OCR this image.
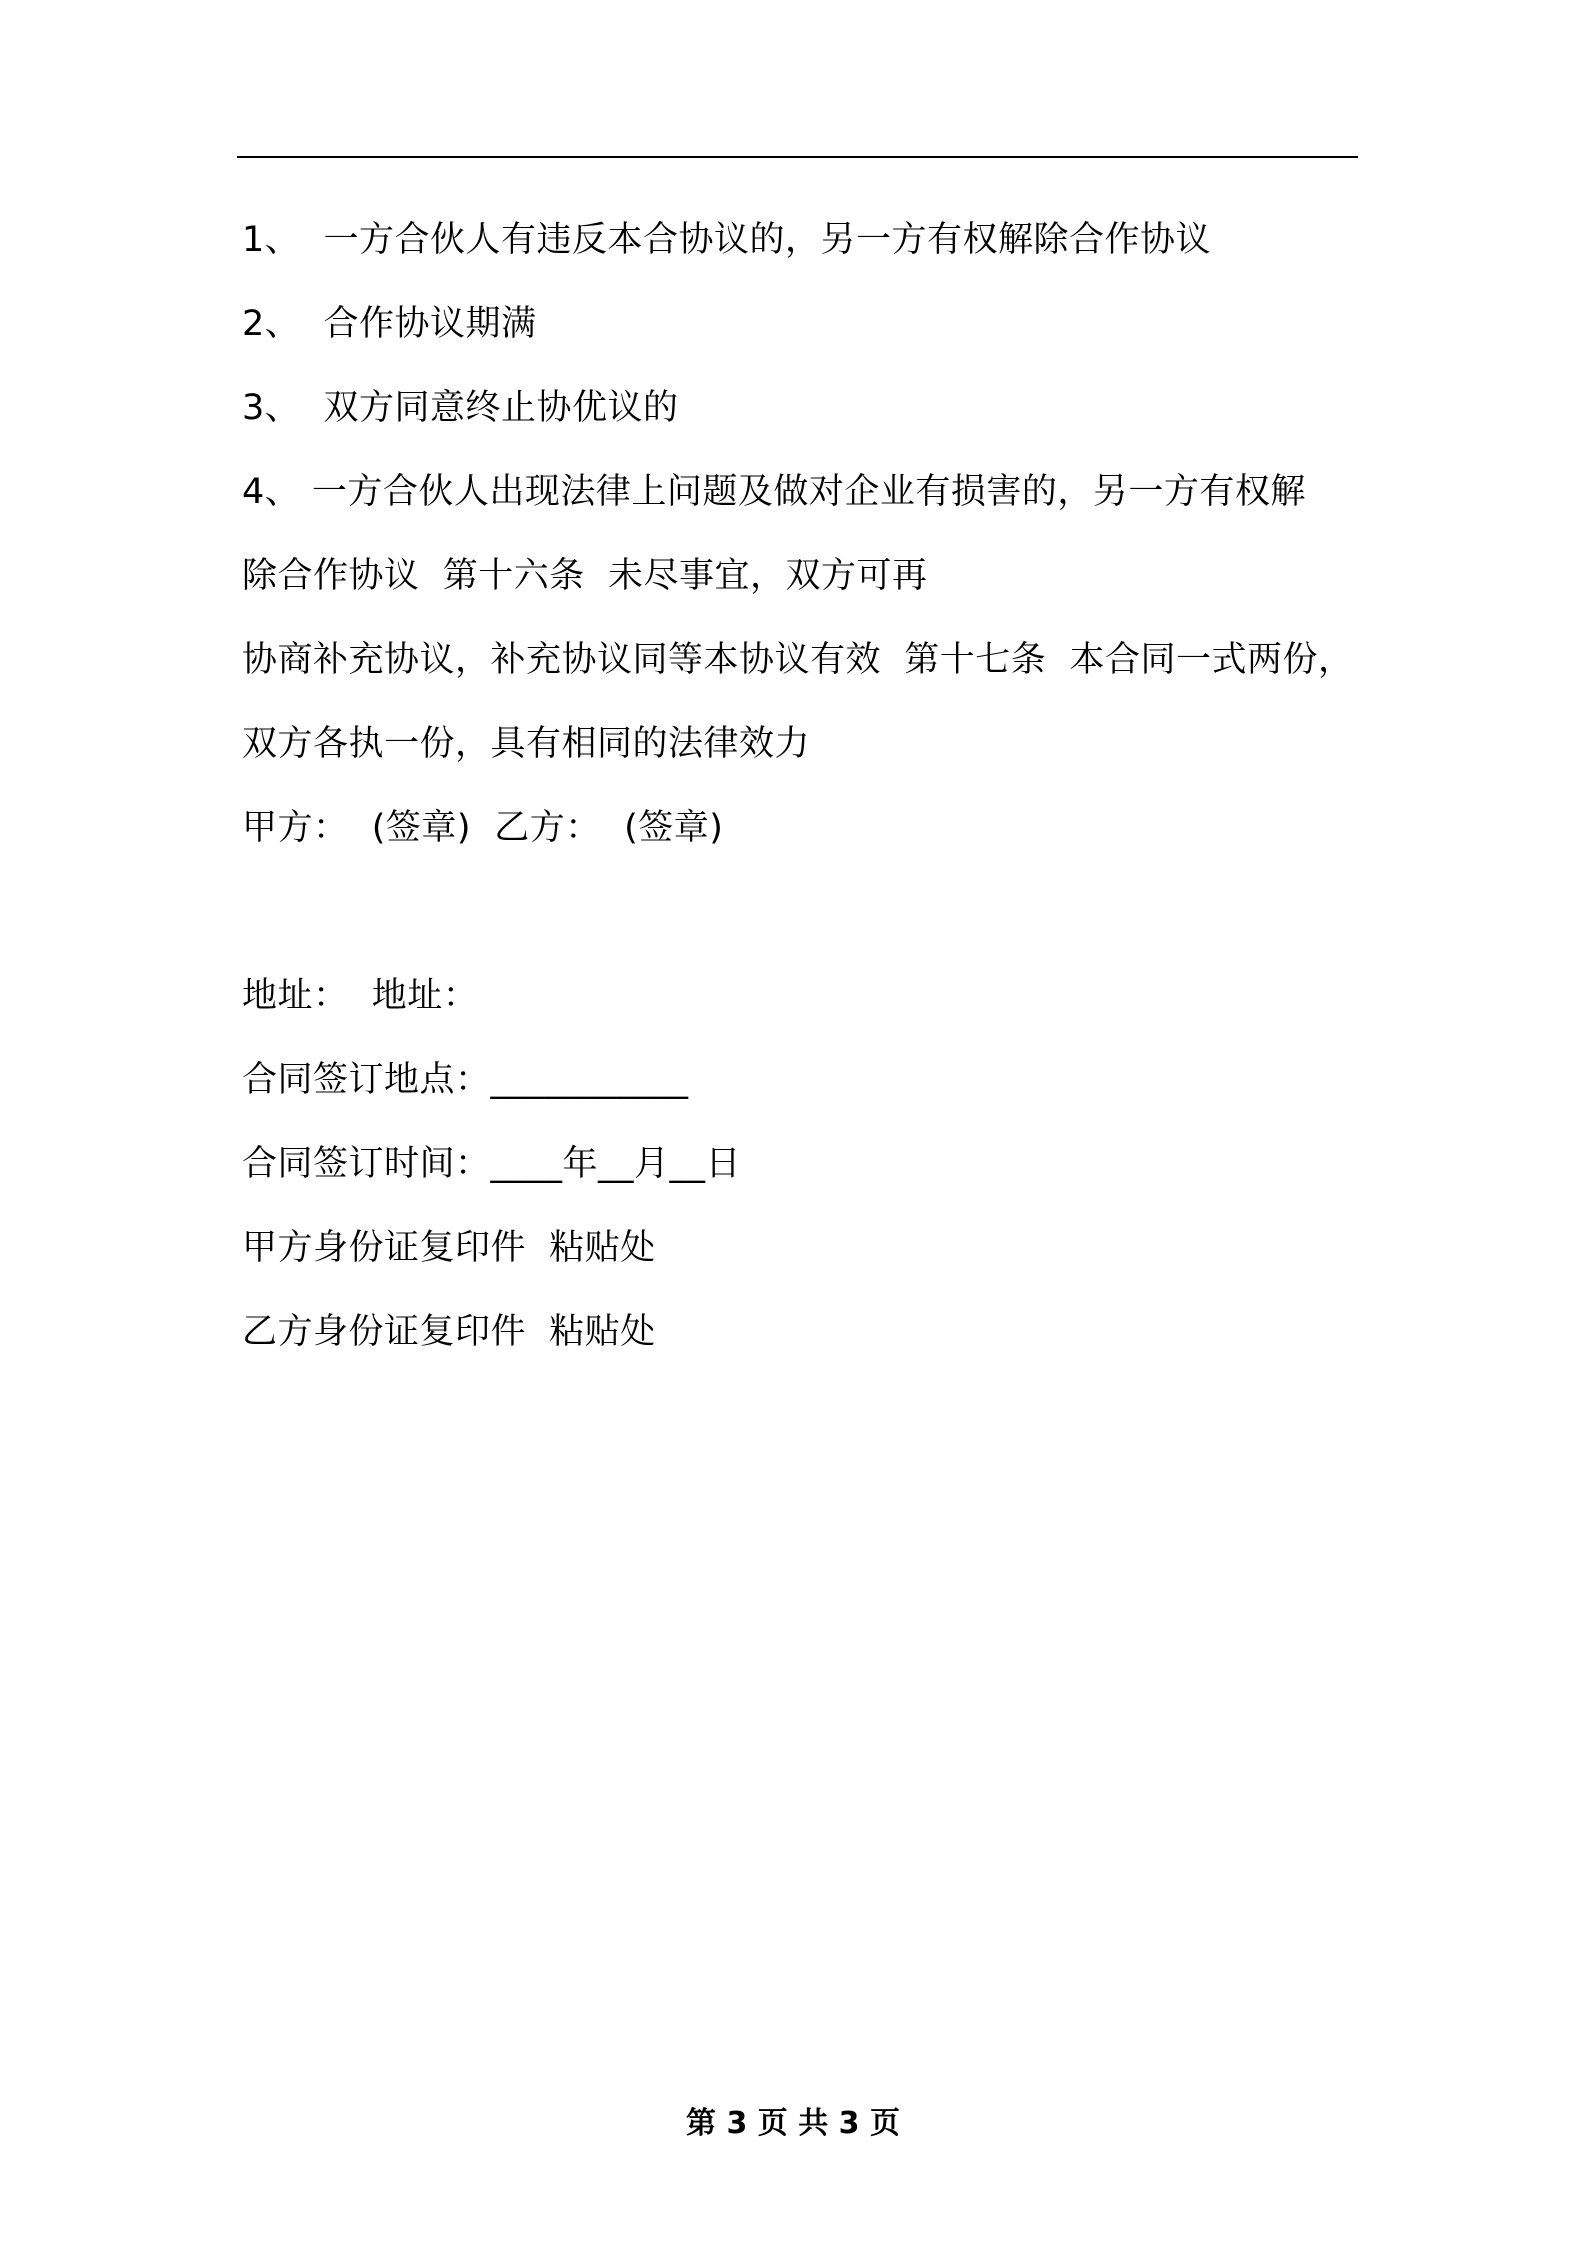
1、  一方合伙人有违反本合协议的，另一方有权解除合作协议
2、  合作协议期满
3、  双方同意终止协优议的
4、 一方合伙人出现法律上问题及做对企业有损害的，另一方有权解
除合作协议  第十六条  未尽事宜，双方可再
协商补充协议，补充协议同等本协议有效  第十七条  本合同一式两份，
双方各执一份，具有相同的法律效力
甲方：  (签章)  乙方：  (签章)
地址：  地址：
合同签订地点：___________
合同签订时间：____年__月__日
甲方身份证复印件  粘贴处
乙方身份证复印件  粘贴处
第 3 页 共 3 页
